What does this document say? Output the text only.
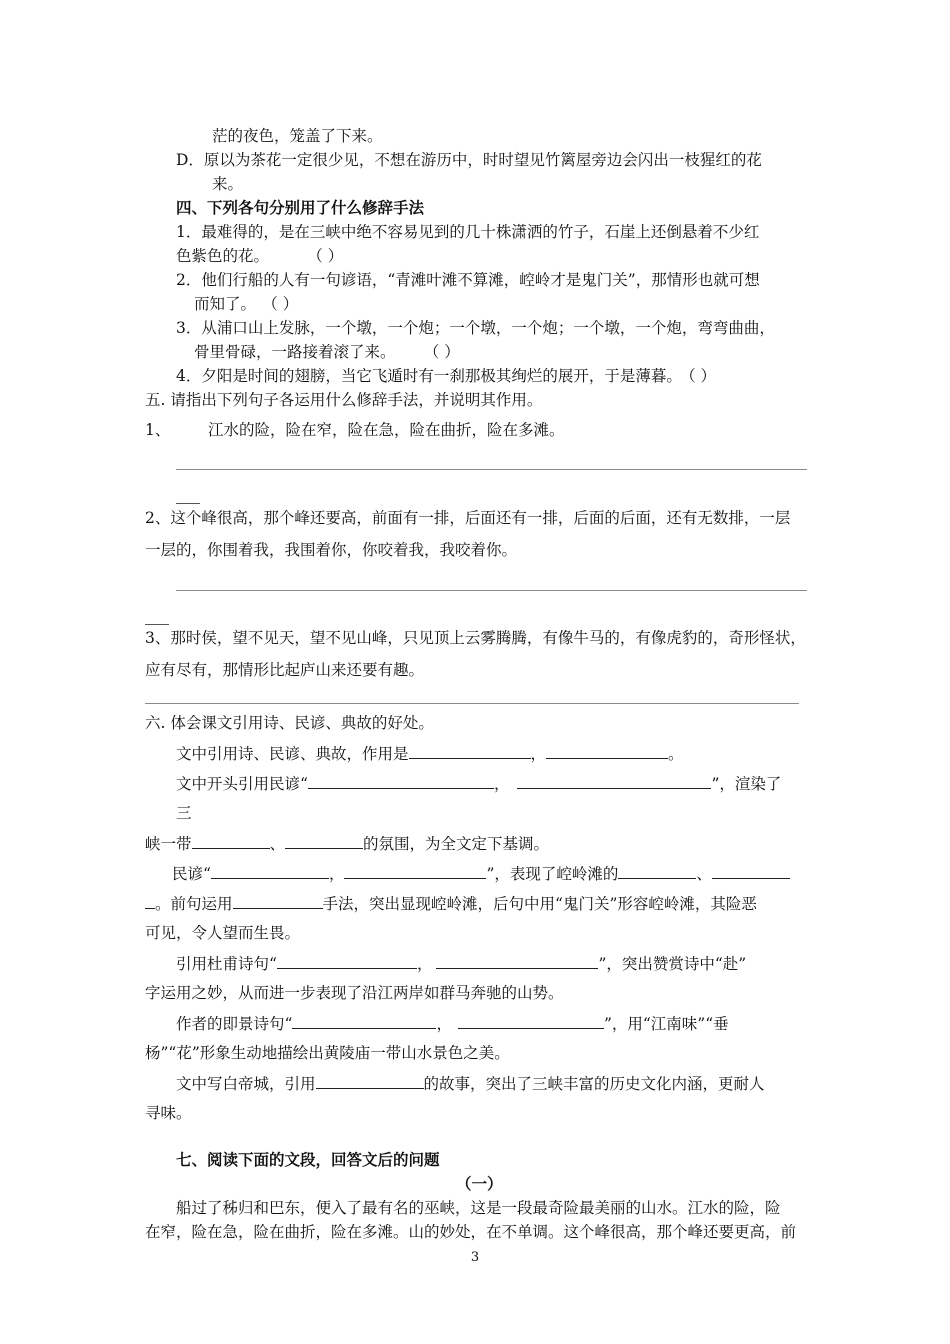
茫的夜色，笼盖了下来。
D．原以为茶花一定很少见，不想在游历中，时时望见竹篱屋旁边会闪出一枝猩红的花
来。
四、下列各句分别用了什么修辞手法
1．最难得的，是在三峡中绝不容易见到的几十株潇洒的竹子，石崖上还倒悬着不少红
色紫色的花。	（ ）
2．他们行船的人有一句谚语，“青滩叶滩不算滩，崆岭才是鬼门关”，那情形也就可想
而知了。 （ ）
3．从浦口山上发脉，一个墩，一个炮；一个墩，一个炮；一个墩，一个炮，弯弯曲曲，
骨里骨碌，一路接着滚了来。 （ ）
4．夕阳是时间的翅膀，当它飞遁时有一刹那极其绚烂的展开，于是薄暮。 （ ）
五. 请指出下列句子各运用什么修辞手法，并说明其作用。
1、 江水的险，险在窄，险在急，险在曲折，险在多滩。
2、这个峰很高，那个峰还要高，前面有一排，后面还有一排，后面的后面，还有无数排，一层
一层的，你围着我，我围着你，你咬着我，我咬着你。
3、那时侯，望不见天，望不见山峰，只见顶上云雾腾腾，有像牛马的，有像虎豹的，奇形怪状，
应有尽有，那情形比起庐山来还要有趣。
六. 体会课文引用诗、民谚、典故的好处。
文中引用诗、民谚、典故，作用是	，	。
文中开头引用民谚“	，	”，渲染了
三
峡一带	、	的氛围，为全文定下基调。
民谚“	，	”，表现了崆岭滩的	、
。前句运用	手法，突出显现崆岭滩，后句中用“鬼门关”形容崆岭滩，其险恶
可见，令人望而生畏。
引用杜甫诗句“	，	”，突出赞赏诗中“赴”
字运用之妙，从而进一步表现了沿江两岸如群马奔驰的山势。
作者的即景诗句“	，	”，用“江南味”“垂
杨”“花”形象生动地描绘出黄陵庙一带山水景色之美。
文中写白帝城，引用	的故事，突出了三峡丰富的历史文化内涵，更耐人
寻味。
七、阅读下面的文段，回答文后的问题
（一）
船过了秭归和巴东，便入了最有名的巫峡，这是一段最奇险最美丽的山水。江水的险，险
在窄，险在急，险在曲折，险在多滩。山的妙处，在不单调。这个峰很高，那个峰还要更高，前
3
